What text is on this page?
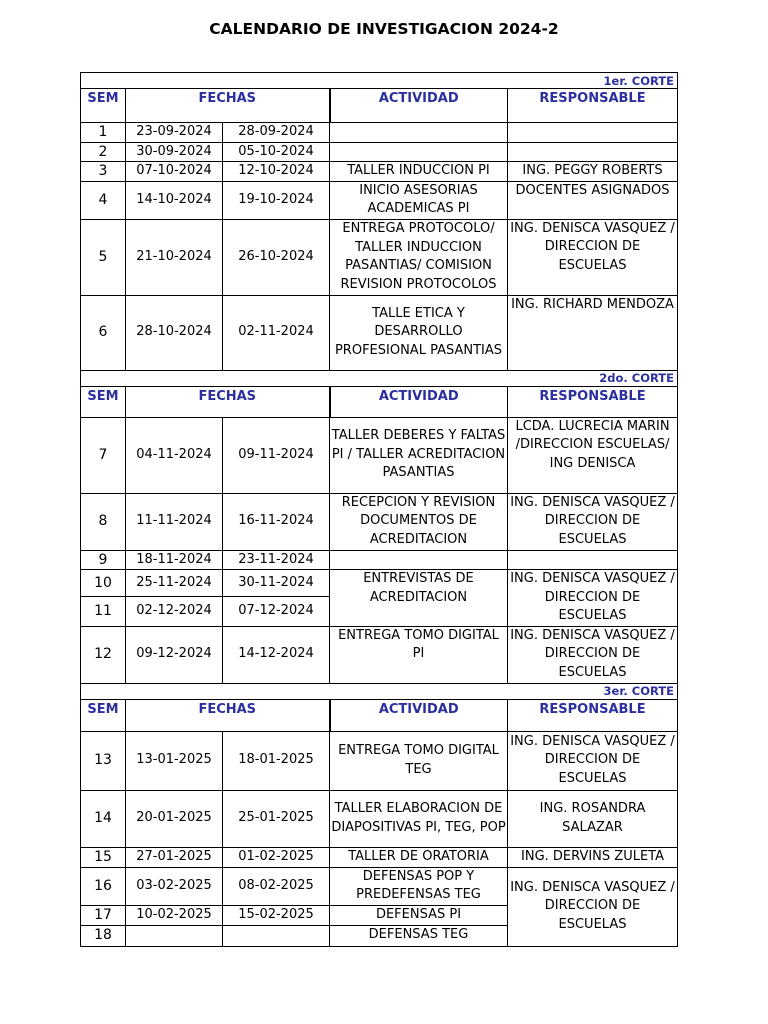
CALENDARIO DE INVESTIGACION 2024-2
1er. CORTE				
SEM	FECHAS		ACTIVIDAD	RESPONSABLE
1	23-09-2024	28-09-2024		
2	30-09-2024	05-10-2024		
3	07-10-2024	12-10-2024	TALLER INDUCCION PI	ING. PEGGY ROBERTS
4	14-10-2024	19-10-2024	INICIO ASESORIAS ACADEMICAS PI	DOCENTES ASIGNADOS
5	21-10-2024	26-10-2024	ENTREGA PROTOCOLO/ TALLER INDUCCION PASANTIAS/ COMISION REVISION PROTOCOLOS	ING. DENISCA VASQUEZ / DIRECCION DE ESCUELAS
6	28-10-2024	02-11-2024	TALLE ETICA Y DESARROLLO PROFESIONAL PASANTIAS	ING. RICHARD MENDOZA
2do. CORTE				
SEM	FECHAS		ACTIVIDAD	RESPONSABLE
7	04-11-2024	09-11-2024	TALLER DEBERES Y FALTAS PI / TALLER ACREDITACION PASANTIAS	LCDA. LUCRECIA MARIN /DIRECCION ESCUELAS/ ING DENISCA
8	11-11-2024	16-11-2024	RECEPCION Y REVISION DOCUMENTOS DE ACREDITACION	ING. DENISCA VASQUEZ / DIRECCION DE ESCUELAS
9	18-11-2024	23-11-2024		
10	25-11-2024	30-11-2024	ENTREVISTAS DE ACREDITACION	ING. DENISCA VASQUEZ / DIRECCION DE ESCUELAS
11	02-12-2024	07-12-2024		
12	09-12-2024	14-12-2024	ENTREGA TOMO DIGITAL PI	ING. DENISCA VASQUEZ / DIRECCION DE ESCUELAS
3er. CORTE				
SEM	FECHAS		ACTIVIDAD	RESPONSABLE
13	13-01-2025	18-01-2025	ENTREGA TOMO DIGITAL TEG	ING. DENISCA VASQUEZ / DIRECCION DE ESCUELAS
14	20-01-2025	25-01-2025	TALLER ELABORACION DE DIAPOSITIVAS PI, TEG, POP	ING. ROSANDRA SALAZAR
15	27-01-2025	01-02-2025	TALLER DE ORATORIA	ING. DERVINS ZULETA
16	03-02-2025	08-02-2025	DEFENSAS POP Y PREDEFENSAS TEG	ING. DENISCA VASQUEZ / DIRECCION DE ESCUELAS
17	10-02-2025	15-02-2025	DEFENSAS PI	
18			DEFENSAS TEG	
